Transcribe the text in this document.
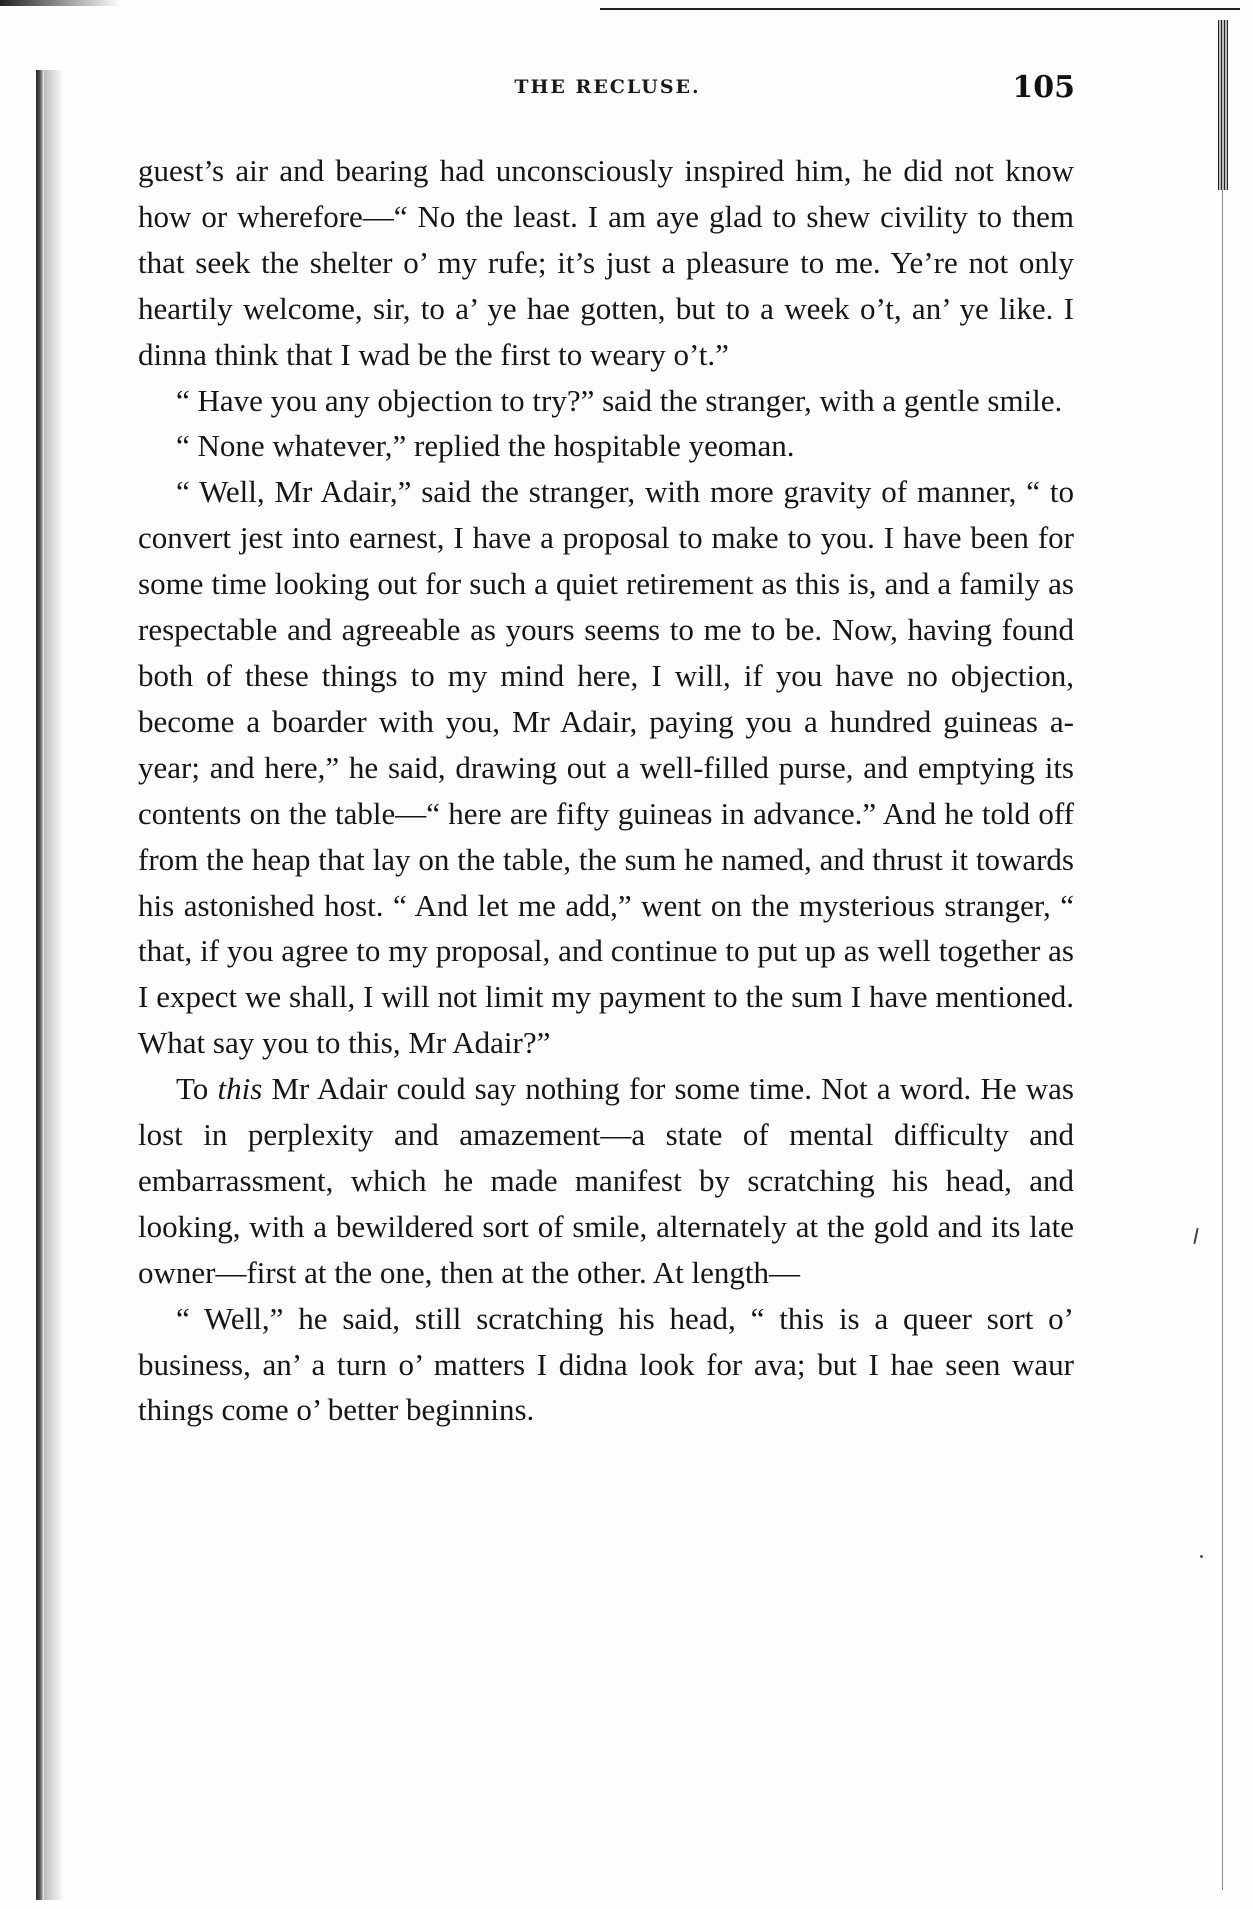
THE RECLUSE.	105

guest’s air and bearing had unconsciously inspired him, he did not know how or wherefore—“ No the least. I am aye glad to shew civility to them that seek the shelter o’ my rufe; it’s just a pleasure to me. Ye’re not only heartily welcome, sir, to a’ ye hae gotten, but to a week o’t, an’ ye like. I dinna think that I wad be the first to weary o’t.”

“ Have you any objection to try?” said the stranger, with a gentle smile.

“ None whatever,” replied the hospitable yeoman.

“ Well, Mr Adair,” said the stranger, with more gravity of manner, “ to convert jest into earnest, I have a proposal to make to you. I have been for some time looking out for such a quiet retirement as this is, and a family as respectable and agreeable as yours seems to me to be. Now, having found both of these things to my mind here, I will, if you have no objection, become a boarder with you, Mr Adair, paying you a hundred guineas a-year; and here,” he said, drawing out a well-filled purse, and emptying its contents on the table—“ here are fifty guineas in advance.” And he told off from the heap that lay on the table, the sum he named, and thrust it towards his astonished host. “ And let me add,” went on the mysterious stranger, “ that, if you agree to my proposal, and continue to put up as well together as I expect we shall, I will not limit my payment to the sum I have mentioned. What say you to this, Mr Adair?”

To this Mr Adair could say nothing for some time. Not a word. He was lost in perplexity and amazement—a state of mental difficulty and embarrassment, which he made manifest by scratching his head, and looking, with a bewildered sort of smile, alternately at the gold and its late owner—first at the one, then at the other. At length—

“ Well,” he said, still scratching his head, “ this is a queer sort o’ business, an’ a turn o’ matters I didna look for ava; but I hae seen waur things come o’ better beginnins.
